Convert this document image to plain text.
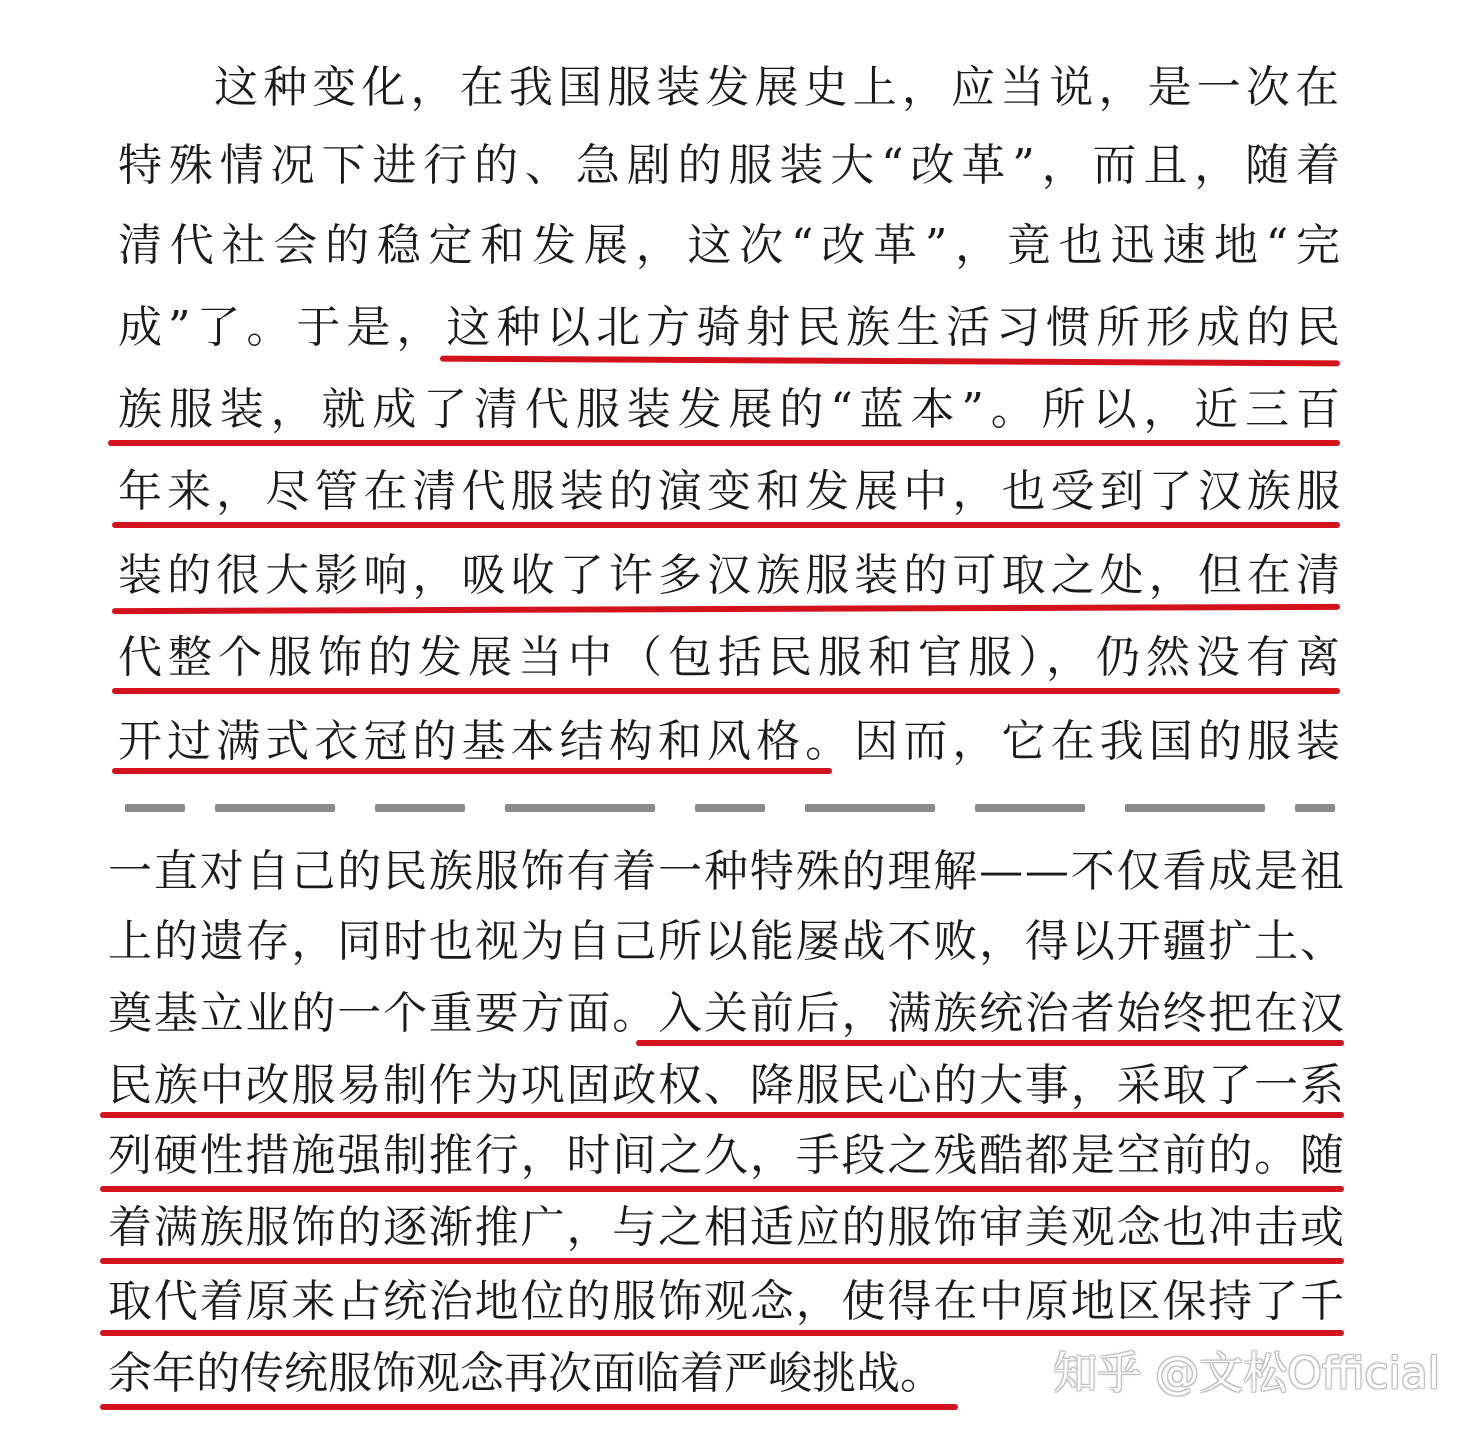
这种变化，在我国服装发展史上，应当说，是一次在
特殊情况下进行的、急剧的服装大“改革”，而且，随着
清代社会的稳定和发展，这次“改革”，竟也迅速地“完
成”了。于是，这种以北方骑射民族生活习惯所形成的民
族服装，就成了清代服装发展的“蓝本”。所以，近三百
年来，尽管在清代服装的演变和发展中，也受到了汉族服
装的很大影响，吸收了许多汉族服装的可取之处，但在清
代整个服饰的发展当中（包括民服和官服），仍然没有离
开过满式衣冠的基本结构和风格。因而，它在我国的服装
一直对自己的民族服饰有着一种特殊的理解——不仅看成是祖
上的遗存，同时也视为自己所以能屡战不败，得以开疆扩土、
奠基立业的一个重要方面。入关前后，满族统治者始终把在汉
民族中改服易制作为巩固政权、降服民心的大事，采取了一系
列硬性措施强制推行，时间之久，手段之残酷都是空前的。随
着满族服饰的逐渐推广，与之相适应的服饰审美观念也冲击或
取代着原来占统治地位的服饰观念，使得在中原地区保持了千
余年的传统服饰观念再次面临着严峻挑战。 知乎 @文松Official
